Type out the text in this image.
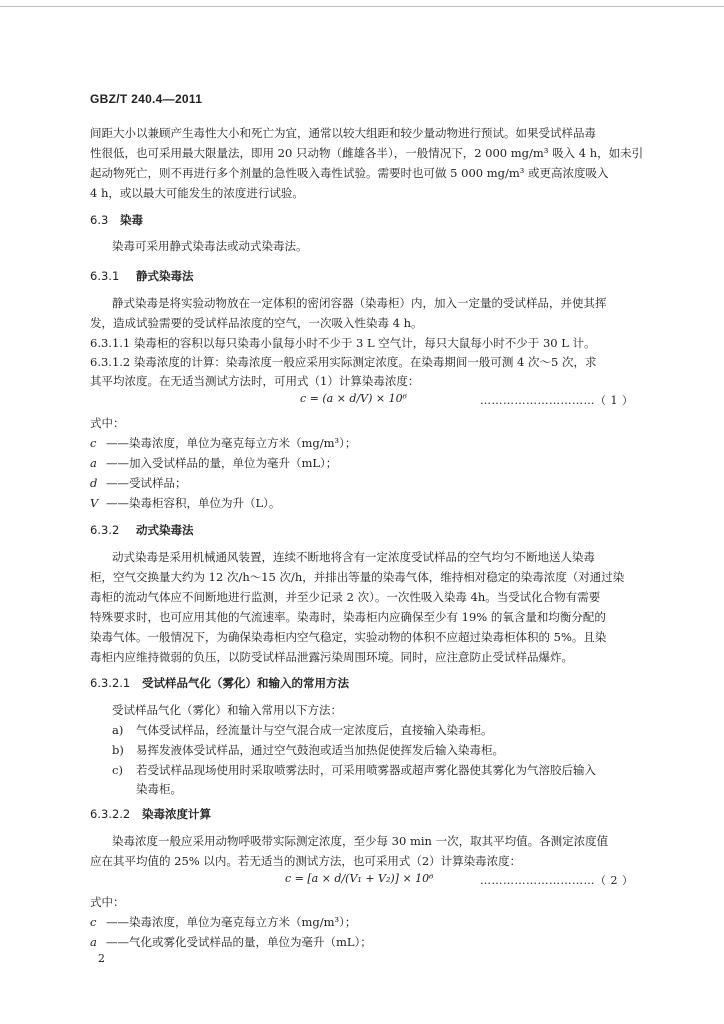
GBZ/T 240.4—2011
间距大小以兼顾产生毒性大小和死亡为宜，通常以较大组距和较少量动物进行预试。如果受试样品毒
性很低，也可采用最大限量法，即用 20 只动物（雌雄各半），一般情况下，2 000 mg/m³ 吸入 4 h，如未引
起动物死亡，则不再进行多个剂量的急性吸入毒性试验。需要时也可做 5 000 mg/m³ 或更高浓度吸入
4 h，或以最大可能发生的浓度进行试验。
6.3 染毒
染毒可采用静式染毒法或动式染毒法。
6.3.1 静式染毒法
静式染毒是将实验动物放在一定体积的密闭容器（染毒柜）内，加入一定量的受试样品，并使其挥
发，造成试验需要的受试样品浓度的空气，一次吸入性染毒 4 h。
6.3.1.1 染毒柜的容积以每只染毒小鼠每小时不少于 3 L 空气计，每只大鼠每小时不少于 30 L 计。
6.3.1.2 染毒浓度的计算：染毒浓度一般应采用实际测定浓度。在染毒期间一般可测 4 次～5 次，求
其平均浓度。在无适当测试方法时，可用式（1）计算染毒浓度：
c = (a × d/V) × 10⁶	…………………………（ 1 ）
式中：
c ——染毒浓度，单位为毫克每立方米（mg/m³）；
a ——加入受试样品的量，单位为毫升（mL）；
d ——受试样品；
V ——染毒柜容积，单位为升（L）。
6.3.2 动式染毒法
动式染毒是采用机械通风装置，连续不断地将含有一定浓度受试样品的空气均匀不断地送人染毒
柜，空气交换量大约为 12 次/h～15 次/h，并排出等量的染毒气体，维持相对稳定的染毒浓度（对通过染
毒柜的流动气体应不间断地进行监测，并至少记录 2 次）。一次性吸入染毒 4h。当受试化合物有需要
特殊要求时，也可应用其他的气流速率。染毒时，染毒柜内应确保至少有 19% 的氧含量和均衡分配的
染毒气体。一般情况下，为确保染毒柜内空气稳定，实验动物的体积不应超过染毒柜体积的 5%。且染
毒柜内应维持微弱的负压，以防受试样品泄露污染周围环境。同时，应注意防止受试样品爆炸。
6.3.2.1 受试样品气化（雾化）和输入的常用方法
受试样品气化（雾化）和输入常用以下方法：
a) 气体受试样品，经流量计与空气混合成一定浓度后，直接输入染毒柜。
b) 易挥发液体受试样品，通过空气鼓泡或适当加热促使挥发后输入染毒柜。
c) 若受试样品现场使用时采取喷雾法时，可采用喷雾器或超声雾化器使其雾化为气溶胶后输入
染毒柜。
6.3.2.2 染毒浓度计算
染毒浓度一般应采用动物呼吸带实际测定浓度，至少每 30 min 一次，取其平均值。各测定浓度值
应在其平均值的 25% 以内。若无适当的测试方法，也可采用式（2）计算染毒浓度：
c = [a × d/(V₁ + V₂)] × 10⁶	…………………………（ 2 ）
式中：
c ——染毒浓度，单位为毫克每立方米（mg/m³）；
a ——气化或雾化受试样品的量，单位为毫升（mL）；
2
